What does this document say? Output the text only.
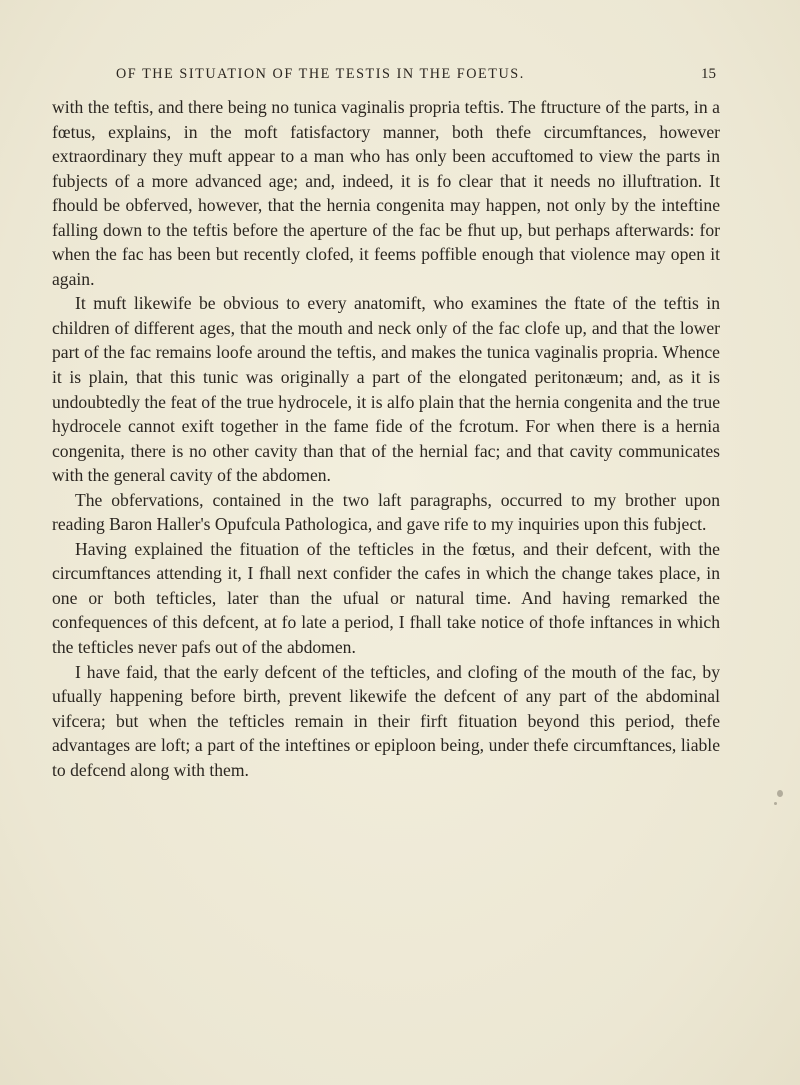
OF THE SITUATION OF THE TESTIS IN THE FOETUS.	15

with the teftis, and there being no tunica vaginalis propria teftis. The ftructure of the parts, in a fœtus, explains, in the moft fatisfactory manner, both thefe circumftances, however extraordinary they muft appear to a man who has only been accuftomed to view the parts in fubjects of a more advanced age; and, indeed, it is fo clear that it needs no illuftration. It fhould be obferved, however, that the hernia congenita may happen, not only by the inteftine falling down to the teftis before the aperture of the fac be fhut up, but perhaps afterwards: for when the fac has been but recently clofed, it feems poffible enough that violence may open it again.

It muft likewife be obvious to every anatomift, who examines the ftate of the teftis in children of different ages, that the mouth and neck only of the fac clofe up, and that the lower part of the fac remains loofe around the teftis, and makes the tunica vaginalis propria. Whence it is plain, that this tunic was originally a part of the elongated peritonæum; and, as it is undoubtedly the feat of the true hydrocele, it is alfo plain that the hernia congenita and the true hydrocele cannot exift together in the fame fide of the fcrotum. For when there is a hernia congenita, there is no other cavity than that of the hernial fac; and that cavity communicates with the general cavity of the abdomen.

The obfervations, contained in the two laft paragraphs, occurred to my brother upon reading Baron Haller's Opufcula Pathologica, and gave rife to my inquiries upon this fubject.

Having explained the fituation of the tefticles in the fœtus, and their defcent, with the circumftances attending it, I fhall next confider the cafes in which the change takes place, in one or both tefticles, later than the ufual or natural time. And having remarked the confequences of this defcent, at fo late a period, I fhall take notice of thofe inftances in which the tefticles never pafs out of the abdomen.

I have faid, that the early defcent of the tefticles, and clofing of the mouth of the fac, by ufually happening before birth, prevent likewife the defcent of any part of the abdominal vifcera; but when the tefticles remain in their firft fituation beyond this period, thefe advantages are loft; a part of the inteftines or epiploon being, under thefe circumftances, liable to defcend along with them.
